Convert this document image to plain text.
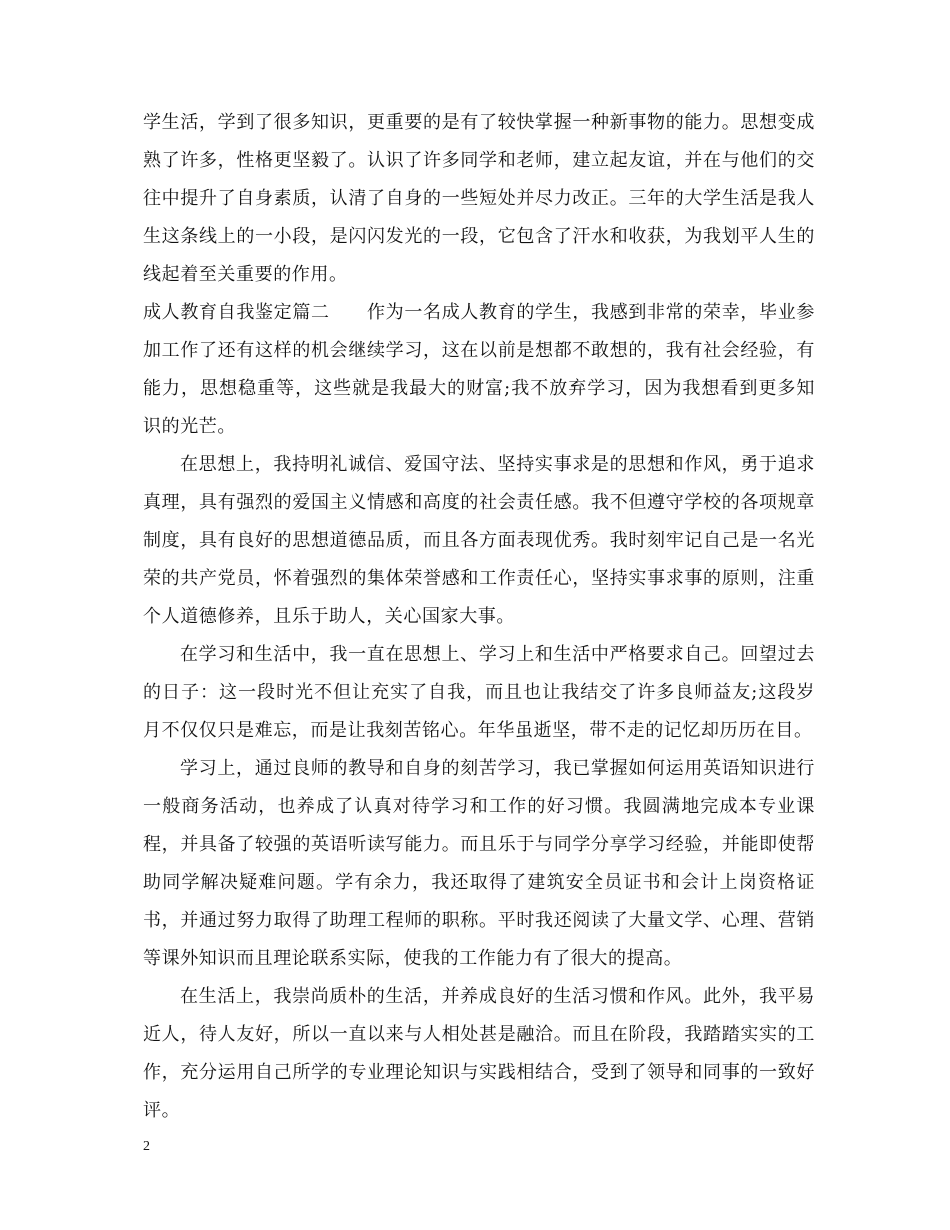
学生活，学到了很多知识，更重要的是有了较快掌握一种新事物的能力。思想变成熟了许多，性格更坚毅了。认识了许多同学和老师，建立起友谊，并在与他们的交往中提升了自身素质，认清了自身的一些短处并尽力改正。三年的大学生活是我人生这条线上的一小段，是闪闪发光的一段，它包含了汗水和收获，为我划平人生的线起着至关重要的作用。

成人教育自我鉴定篇二　　作为一名成人教育的学生，我感到非常的荣幸，毕业参加工作了还有这样的机会继续学习，这在以前是想都不敢想的，我有社会经验，有能力，思想稳重等，这些就是我最大的财富;我不放弃学习，因为我想看到更多知识的光芒。

在思想上，我持明礼诚信、爱国守法、坚持实事求是的思想和作风，勇于追求真理，具有强烈的爱国主义情感和高度的社会责任感。我不但遵守学校的各项规章制度，具有良好的思想道德品质，而且各方面表现优秀。我时刻牢记自己是一名光荣的共产党员，怀着强烈的集体荣誉感和工作责任心，坚持实事求事的原则，注重个人道德修养，且乐于助人，关心国家大事。

在学习和生活中，我一直在思想上、学习上和生活中严格要求自己。回望过去的日子：这一段时光不但让充实了自我，而且也让我结交了许多良师益友;这段岁月不仅仅只是难忘，而是让我刻苦铭心。年华虽逝坚，带不走的记忆却历历在目。

学习上，通过良师的教导和自身的刻苦学习，我已掌握如何运用英语知识进行一般商务活动，也养成了认真对待学习和工作的好习惯。我圆满地完成本专业课程，并具备了较强的英语听读写能力。而且乐于与同学分享学习经验，并能即使帮助同学解决疑难问题。学有余力，我还取得了建筑安全员证书和会计上岗资格证书，并通过努力取得了助理工程师的职称。平时我还阅读了大量文学、心理、营销等课外知识而且理论联系实际，使我的工作能力有了很大的提高。

在生活上，我崇尚质朴的生活，并养成良好的生活习惯和作风。此外，我平易近人，待人友好，所以一直以来与人相处甚是融洽。而且在阶段，我踏踏实实的工作，充分运用自己所学的专业理论知识与实践相结合，受到了领导和同事的一致好评。

2
